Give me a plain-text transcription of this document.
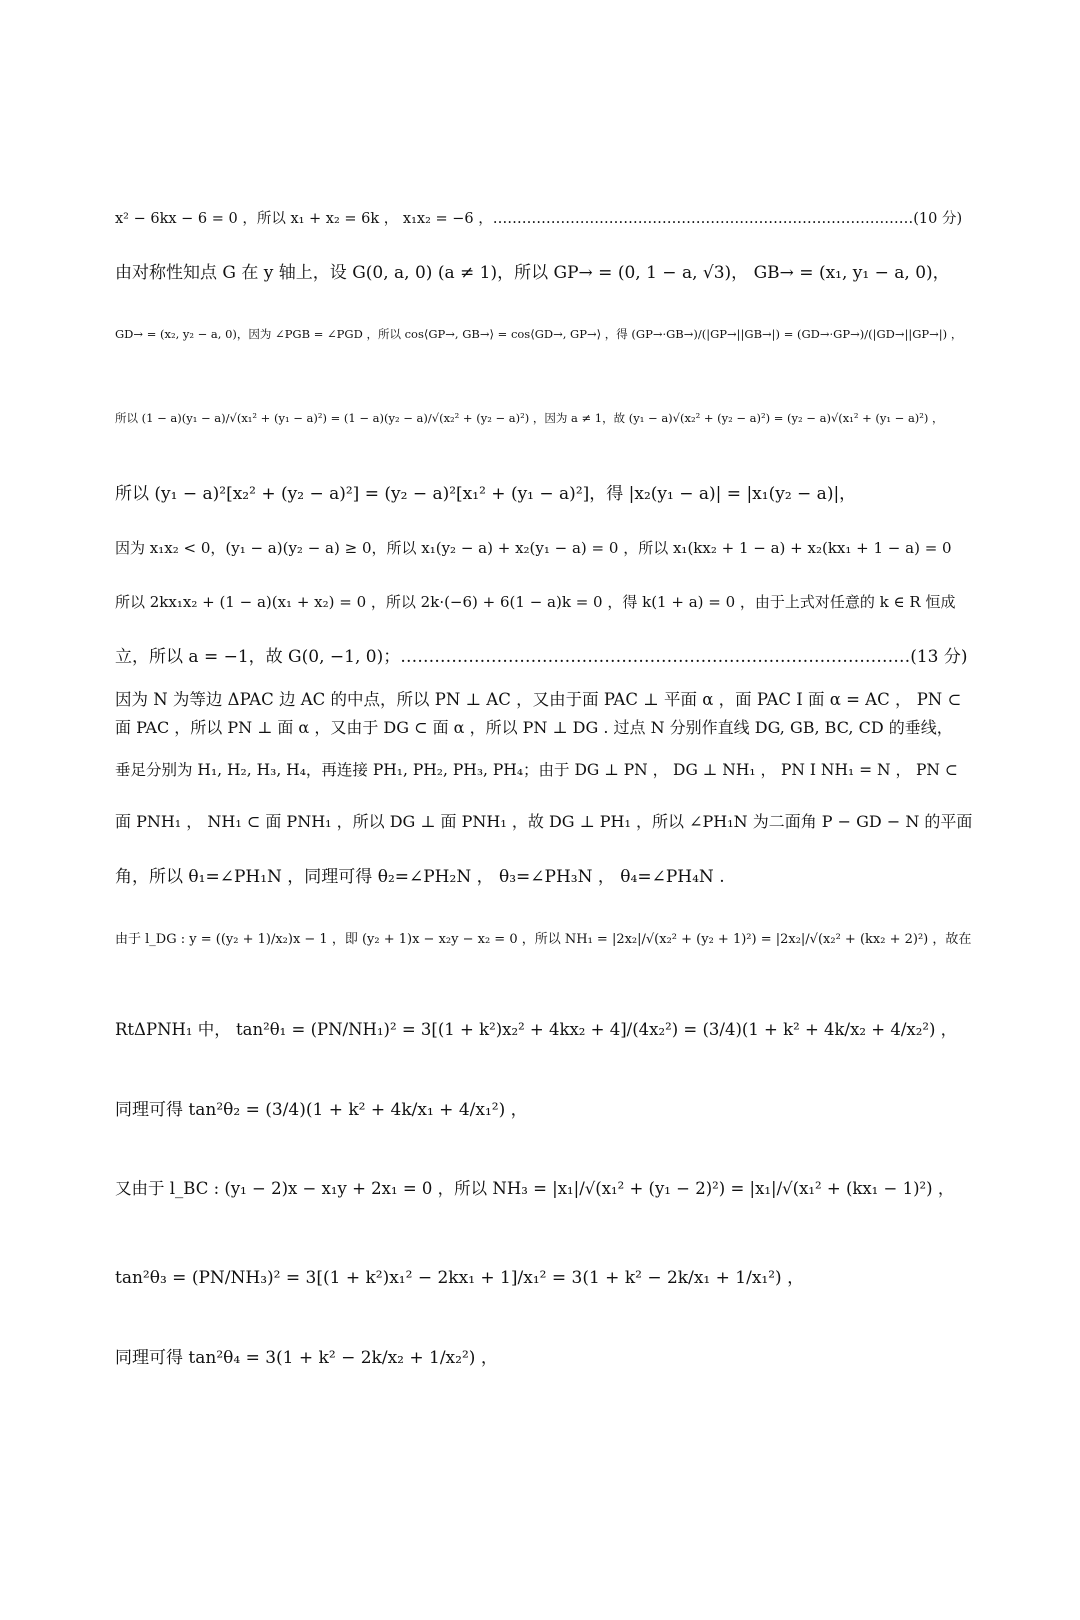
x² − 6kx − 6 = 0 ，所以 x₁ + x₂ = 6k ， x₁x₂ = −6 ，……………………………………………………………………………(10 分)
由对称性知点 G 在 y 轴上，设 G(0, a, 0) (a ≠ 1)，所以 GP→ = (0, 1 − a, √3)， GB→ = (x₁, y₁ − a, 0)，
GD→ = (x₂, y₂ − a, 0)，因为 ∠PGB = ∠PGD ，所以 cos⟨GP→, GB→⟩ = cos⟨GD→, GP→⟩ ，得 (GP→·GB→)/(|GP→||GB→|) = (GD→·GP→)/(|GD→||GP→|) ，
所以 (1 − a)(y₁ − a)/√(x₁² + (y₁ − a)²) = (1 − a)(y₂ − a)/√(x₂² + (y₂ − a)²) ，因为 a ≠ 1，故 (y₁ − a)√(x₂² + (y₂ − a)²) = (y₂ − a)√(x₁² + (y₁ − a)²) ，
所以 (y₁ − a)²[x₂² + (y₂ − a)²] = (y₂ − a)²[x₁² + (y₁ − a)²]，得 |x₂(y₁ − a)| = |x₁(y₂ − a)|，
因为 x₁x₂ < 0，(y₁ − a)(y₂ − a) ≥ 0，所以 x₁(y₂ − a) + x₂(y₁ − a) = 0 ，所以 x₁(kx₂ + 1 − a) + x₂(kx₁ + 1 − a) = 0
所以 2kx₁x₂ + (1 − a)(x₁ + x₂) = 0 ，所以 2k·(−6) + 6(1 − a)k = 0 ，得 k(1 + a) = 0 ，由于上式对任意的 k ∈ R 恒成
立，所以 a = −1，故 G(0, −1, 0)；………………………………………………………………………………(13 分)
因为 N 为等边 ΔPAC 边 AC 的中点，所以 PN ⊥ AC ，又由于面 PAC ⊥ 平面 α ，面 PAC I 面 α = AC ， PN ⊂
面 PAC ，所以 PN ⊥ 面 α ，又由于 DG ⊂ 面 α ，所以 PN ⊥ DG . 过点 N 分别作直线 DG, GB, BC, CD 的垂线，
垂足分别为 H₁, H₂, H₃, H₄，再连接 PH₁, PH₂, PH₃, PH₄；由于 DG ⊥ PN ， DG ⊥ NH₁ ， PN I NH₁ = N ， PN ⊂
面 PNH₁ ， NH₁ ⊂ 面 PNH₁ ，所以 DG ⊥ 面 PNH₁ ，故 DG ⊥ PH₁ ，所以 ∠PH₁N 为二面角 P − GD − N 的平面
角，所以 θ₁=∠PH₁N ，同理可得 θ₂=∠PH₂N ， θ₃=∠PH₃N ， θ₄=∠PH₄N .
由于 l_DG : y = ((y₂ + 1)/x₂)x − 1 ，即 (y₂ + 1)x − x₂y − x₂ = 0 ，所以 NH₁ = |2x₂|/√(x₂² + (y₂ + 1)²) = |2x₂|/√(x₂² + (kx₂ + 2)²) ，故在
RtΔPNH₁ 中， tan²θ₁ = (PN/NH₁)² = 3[(1 + k²)x₂² + 4kx₂ + 4]/(4x₂²) = (3/4)(1 + k² + 4k/x₂ + 4/x₂²) ，
同理可得 tan²θ₂ = (3/4)(1 + k² + 4k/x₁ + 4/x₁²) ，
又由于 l_BC : (y₁ − 2)x − x₁y + 2x₁ = 0 ，所以 NH₃ = |x₁|/√(x₁² + (y₁ − 2)²) = |x₁|/√(x₁² + (kx₁ − 1)²) ，
tan²θ₃ = (PN/NH₃)² = 3[(1 + k²)x₁² − 2kx₁ + 1]/x₁² = 3(1 + k² − 2k/x₁ + 1/x₁²) ，
同理可得 tan²θ₄ = 3(1 + k² − 2k/x₂ + 1/x₂²) ，
